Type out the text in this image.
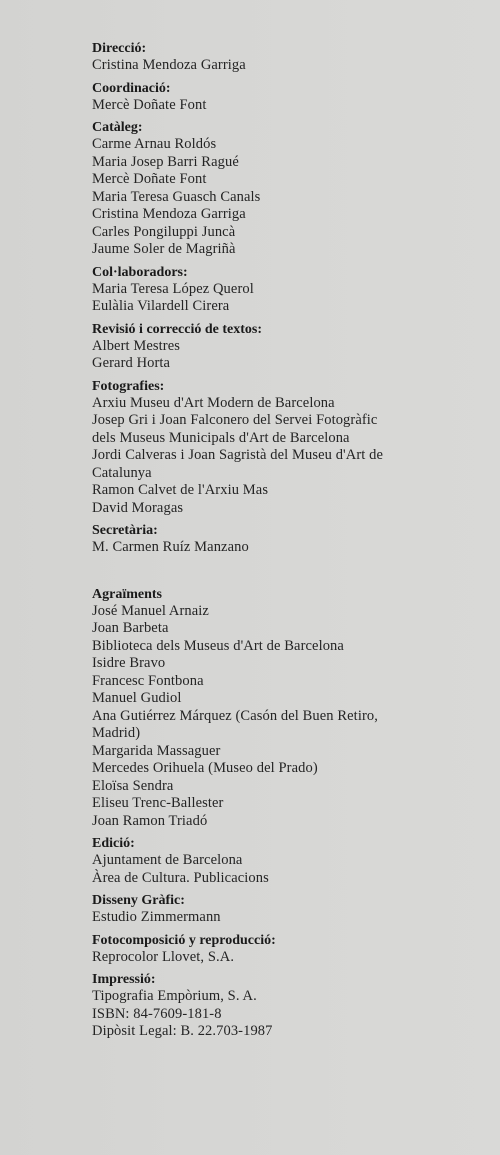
Direcció:

Cristina Mendoza Garriga

Coordinació:

Mercè Doñate Font

Catàleg:

Carme Arnau Roldós

Maria Josep Barri Ragué

Mercè Doñate Font

Maria Teresa Guasch Canals

Cristina Mendoza Garriga

Carles Pongiluppi Juncà

Jaume Soler de Magriñà

Col·laboradors:

Maria Teresa López Querol

Eulàlia Vilardell Cirera

Revisió i correcció de textos:

Albert Mestres

Gerard Horta

Fotografies:

Arxiu Museu d'Art Modern de Barcelona

Josep Gri i Joan Falconero del Servei Fotogràfic

dels Museus Municipals d'Art de Barcelona

Jordi Calveras i Joan Sagristà del Museu d'Art de

Catalunya

Ramon Calvet de l'Arxiu Mas

David Moragas

Secretària:

M. Carmen Ruíz Manzano

Agraïments

José Manuel Arnaiz

Joan Barbeta

Biblioteca dels Museus d'Art de Barcelona

Isidre Bravo

Francesc Fontbona

Manuel Gudiol

Ana Gutiérrez Márquez (Casón del Buen Retiro,

Madrid)

Margarida Massaguer

Mercedes Orihuela (Museo del Prado)

Eloïsa Sendra

Eliseu Trenc-Ballester

Joan Ramon Triadó

Edició:

Ajuntament de Barcelona

Àrea de Cultura. Publicacions

Disseny Gràfic:

Estudio Zimmermann

Fotocomposició y reproducció:

Reprocolor Llovet, S.A.

Impressió:

Tipografia Empòrium, S. A.

ISBN: 84-7609-181-8

Dipòsit Legal: B. 22.703-1987
